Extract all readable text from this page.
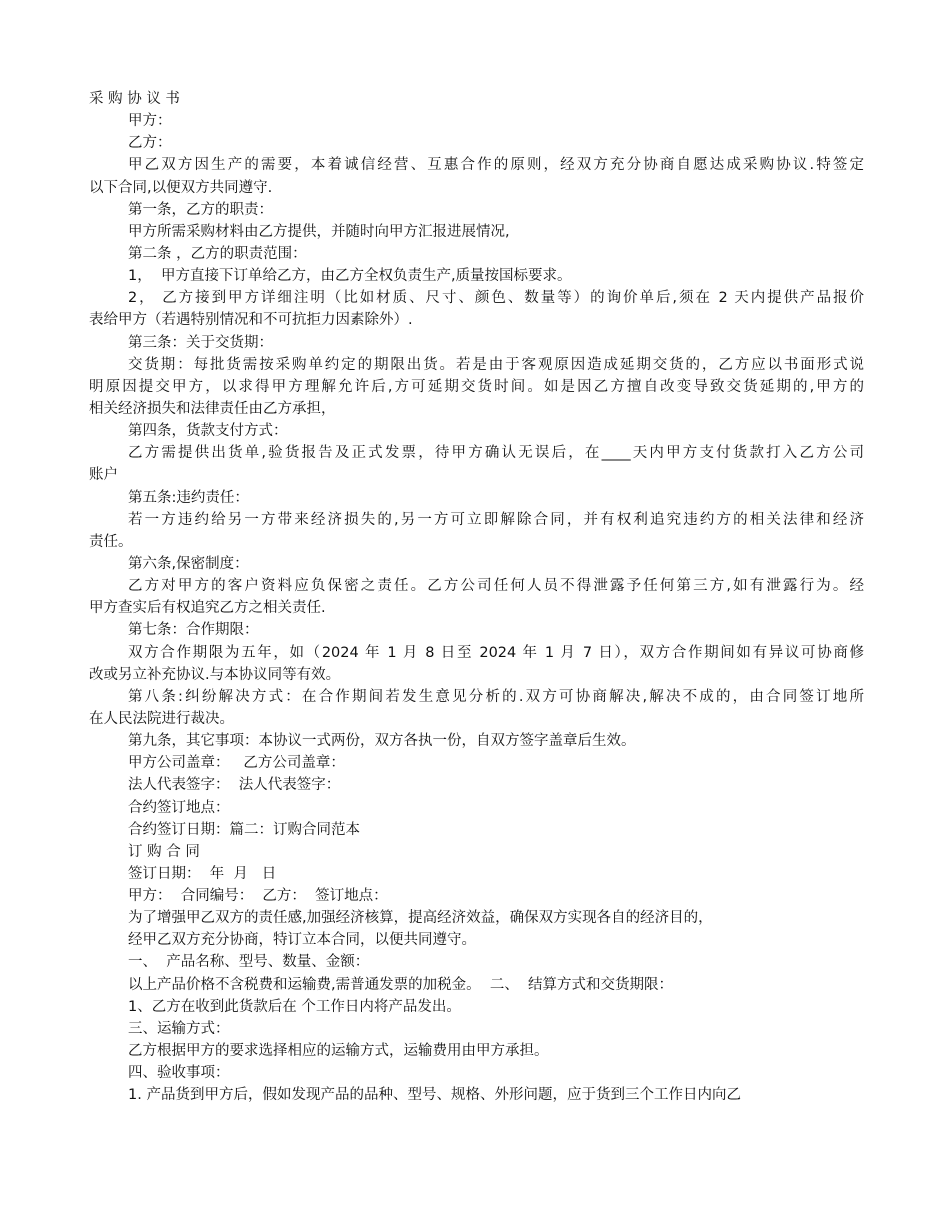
采 购 协 议 书
甲方：
乙方：
甲乙双方因生产的需要，本着诚信经营、互惠合作的原则，经双方充分协商自愿达成采购协议.特签定
以下合同,以便双方共同遵守.
第一条，乙方的职责：
甲方所需采购材料由乙方提供，并随时向甲方汇报进展情况,
第二条 ，乙方的职责范围：
1，  甲方直接下订单给乙方，由乙方全权负责生产,质量按国标要求。
2， 乙方接到甲方详细注明（比如材质、尺寸、颜色、数量等）的询价单后,须在 2 天内提供产品报价
表给甲方（若遇特别情况和不可抗拒力因素除外）.
第三条：关于交货期：
交货期：每批货需按采购单约定的期限出货。若是由于客观原因造成延期交货的，乙方应以书面形式说
明原因提交甲方，以求得甲方理解允许后,方可延期交货时间。如是因乙方擅自改变导致交货延期的,甲方的
相关经济损失和法律责任由乙方承担，
第四条，货款支付方式：
乙方需提供出货单,验货报告及正式发票，待甲方确认无误后，在____天内甲方支付货款打入乙方公司
账户
第五条:违约责任：
若一方违约给另一方带来经济损失的,另一方可立即解除合同，并有权利追究违约方的相关法律和经济
责任。
第六条,保密制度：
乙方对甲方的客户资料应负保密之责任。乙方公司任何人员不得泄露予任何第三方,如有泄露行为。经
甲方查实后有权追究乙方之相关责任.
第七条：合作期限：
双方合作期限为五年，如（2024 年 1 月 8 日至 2024 年 1 月 7 日），双方合作期间如有异议可协商修
改或另立补充协议.与本协议同等有效。
第八条:纠纷解决方式：在合作期间若发生意见分析的.双方可协商解决,解决不成的，由合同签订地所
在人民法院进行裁决。
第九条，其它事项：本协议一式两份，双方各执一份，自双方签字盖章后生效。
甲方公司盖章：   乙方公司盖章：
法人代表签字：  法人代表签字：
合约签订地点：
合约签订日期：篇二：订购合同范本
订 购 合 同
签订日期：  年  月   日
甲方：  合同编号：  乙方：  签订地点：
为了增强甲乙双方的责任感,加强经济核算，提高经济效益，确保双方实现各自的经济目的，
经甲乙双方充分协商，特订立本合同，以便共同遵守。
一、  产品名称、型号、数量、金额：
以上产品价格不含税费和运输费,需普通发票的加税金。  二、  结算方式和交货期限：
1、乙方在收到此货款后在 个工作日内将产品发出。
三、运输方式：
乙方根据甲方的要求选择相应的运输方式，运输费用由甲方承担。
四、验收事项：
1. 产品货到甲方后，假如发现产品的品种、型号、规格、外形问题，应于货到三个工作日内向乙
